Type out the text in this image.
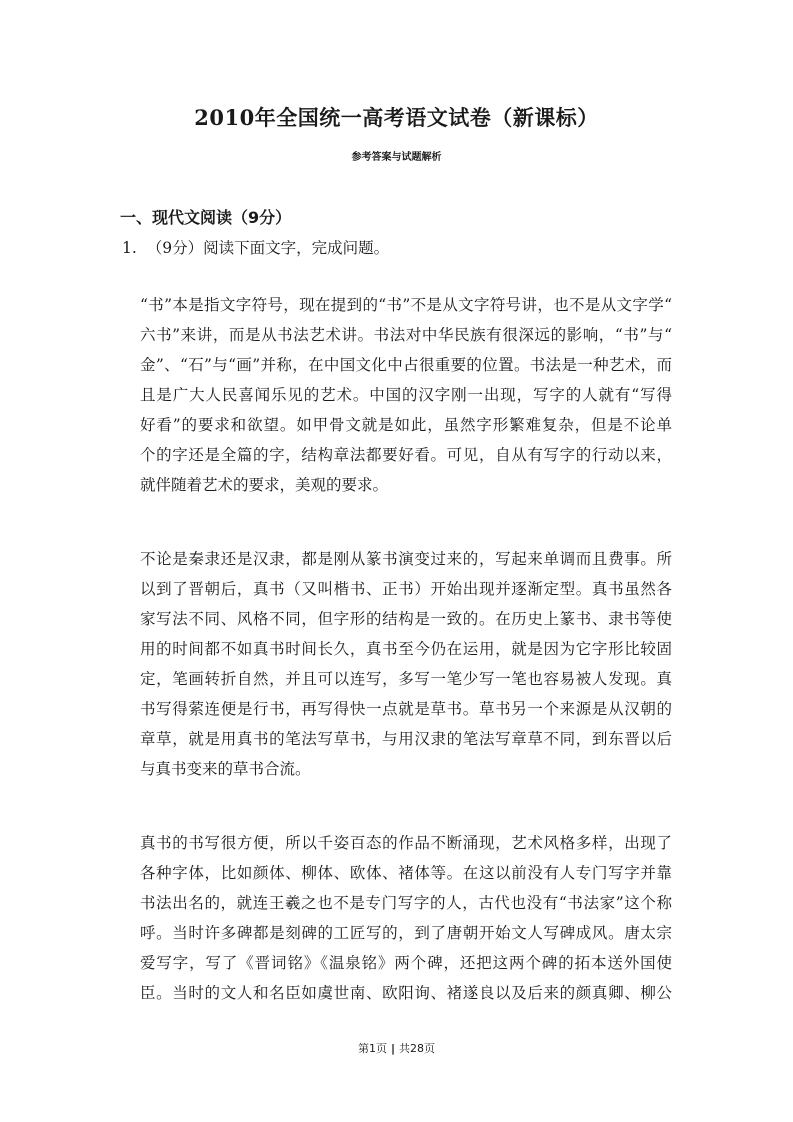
2010年全国统一高考语文试卷（新课标）
参考答案与试题解析
一、现代文阅读（9分）
1. （9分）阅读下面文字，完成问题。
“书”本是指文字符号，现在提到的“书”不是从文字符号讲，也不是从文字学“
六书”来讲，而是从书法艺术讲。书法对中华民族有很深远的影响，“书”与“
金”、“石”与“画”并称，在中国文化中占很重要的位置。书法是一种艺术，而
且是广大人民喜闻乐见的艺术。中国的汉字刚一出现，写字的人就有“写得
好看”的要求和欲望。如甲骨文就是如此，虽然字形繁难复杂，但是不论单
个的字还是全篇的字，结构章法都要好看。可见，自从有写字的行动以来，
就伴随着艺术的要求，美观的要求。
不论是秦隶还是汉隶，都是刚从篆书演变过来的，写起来单调而且费事。所
以到了晋朝后，真书（又叫楷书、正书）开始出现并逐渐定型。真书虽然各
家写法不同、风格不同，但字形的结构是一致的。在历史上篆书、隶书等使
用的时间都不如真书时间长久，真书至今仍在运用，就是因为它字形比较固
定，笔画转折自然，并且可以连写，多写一笔少写一笔也容易被人发现。真
书写得萦连便是行书，再写得快一点就是草书。草书另一个来源是从汉朝的
章草，就是用真书的笔法写草书，与用汉隶的笔法写章草不同，到东晋以后
与真书变来的草书合流。
真书的书写很方便，所以千姿百态的作品不断涌现，艺术风格多样，出现了
各种字体，比如颜体、柳体、欧体、褚体等。在这以前没有人专门写字并靠
书法出名的，就连王羲之也不是专门写字的人，古代也没有“书法家”这个称
呼。当时许多碑都是刻碑的工匠写的，到了唐朝开始文人写碑成风。唐太宗
爱写字，写了《晋词铭》《温泉铭》两个碑，还把这两个碑的拓本送外国使
臣。当时的文人和名臣如虞世南、欧阳询、褚遂良以及后来的颜真卿、柳公
第1页 | 共28页
